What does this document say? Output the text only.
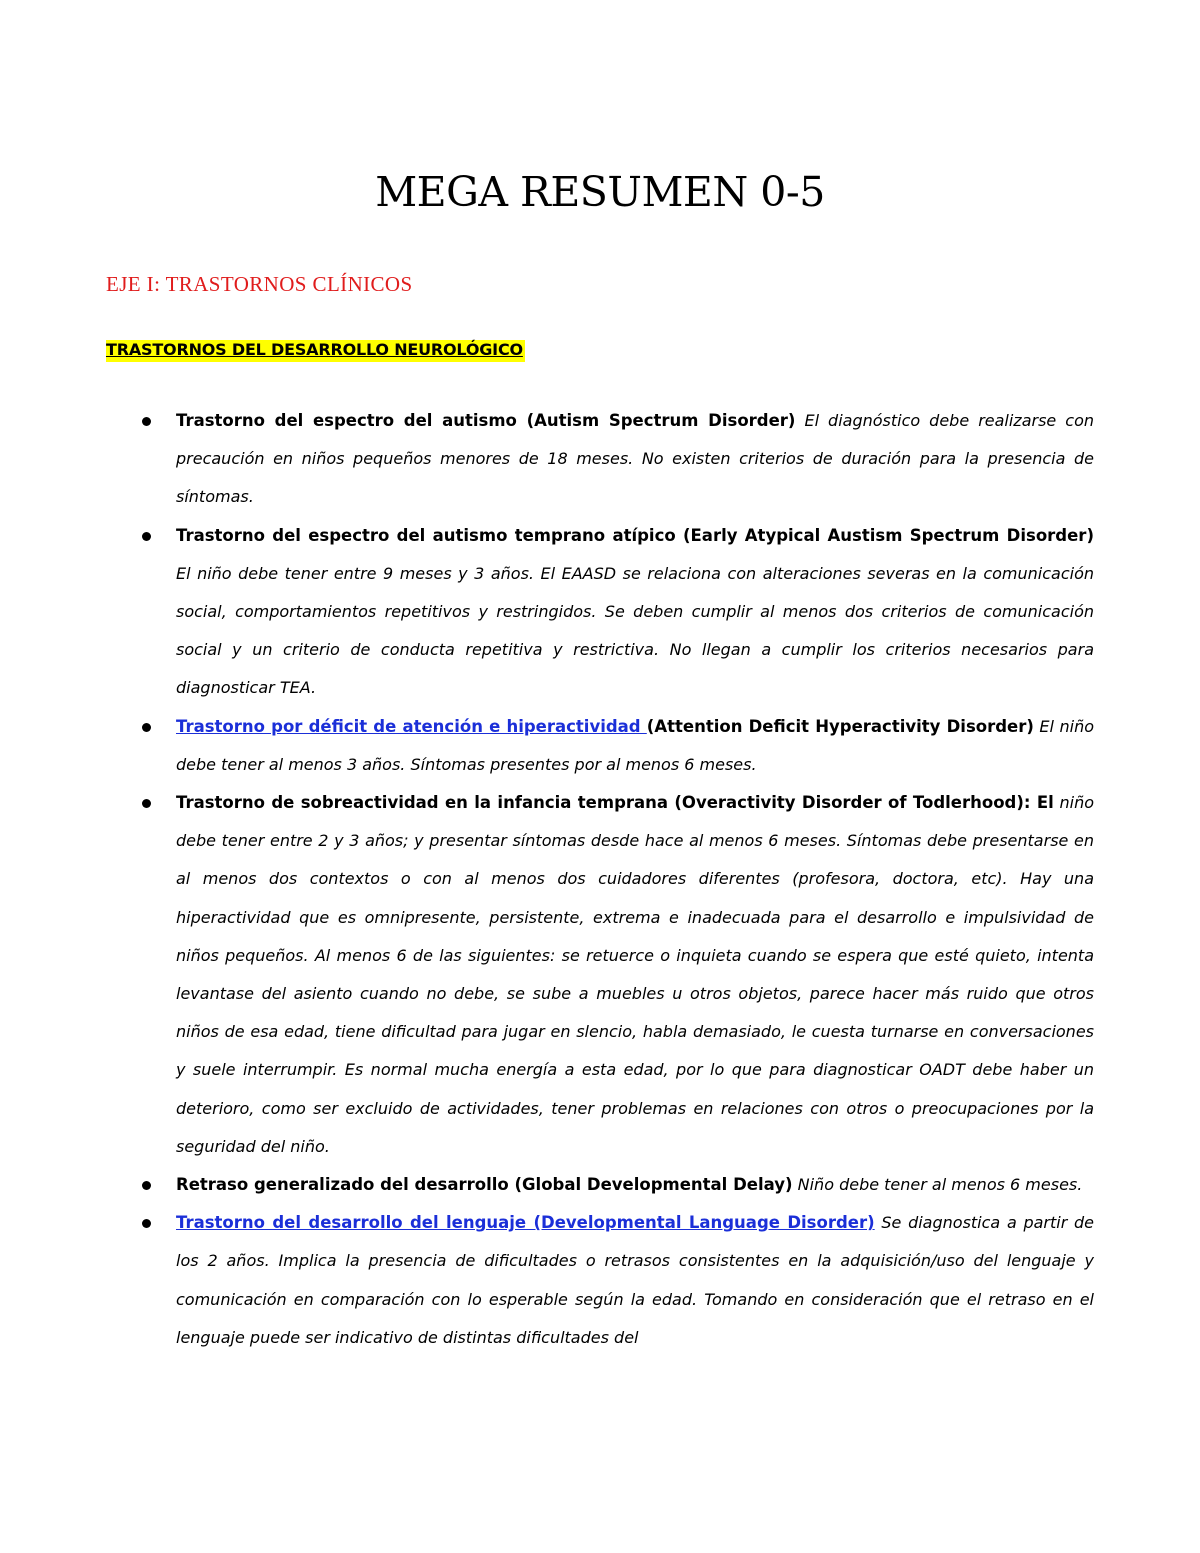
MEGA RESUMEN 0-5
EJE I: TRASTORNOS CLÍNICOS
TRASTORNOS DEL DESARROLLO NEUROLÓGICO
Trastorno del espectro del autismo (Autism Spectrum Disorder) El diagnóstico debe realizarse con precaución en niños pequeños menores de 18 meses. No existen criterios de duración para la presencia de síntomas.
Trastorno del espectro del autismo temprano atípico (Early Atypical Austism Spectrum Disorder) El niño debe tener entre 9 meses y 3 años. El EAASD se relaciona con alteraciones severas en la comunicación social, comportamientos repetitivos y restringidos. Se deben cumplir al menos dos criterios de comunicación social y un criterio de conducta repetitiva y restrictiva. No llegan a cumplir los criterios necesarios para diagnosticar TEA.
Trastorno por déficit de atención e hiperactividad (Attention Deficit Hyperactivity Disorder) El niño debe tener al menos 3 años. Síntomas presentes por al menos 6 meses.
Trastorno de sobreactividad en la infancia temprana (Overactivity Disorder of Todlerhood): El niño debe tener entre 2 y 3 años; y presentar síntomas desde hace al menos 6 meses. Síntomas debe presentarse en al menos dos contextos o con al menos dos cuidadores diferentes (profesora, doctora, etc). Hay una hiperactividad que es omnipresente, persistente, extrema e inadecuada para el desarrollo e impulsividad de niños pequeños. Al menos 6 de las siguientes: se retuerce o inquieta cuando se espera que esté quieto, intenta levantase del asiento cuando no debe, se sube a muebles u otros objetos, parece hacer más ruido que otros niños de esa edad, tiene dificultad para jugar en slencio, habla demasiado, le cuesta turnarse en conversaciones y suele interrumpir. Es normal mucha energía a esta edad, por lo que para diagnosticar OADT debe haber un deterioro, como ser excluido de actividades, tener problemas en relaciones con otros o preocupaciones por la seguridad del niño.
Retraso generalizado del desarrollo (Global Developmental Delay) Niño debe tener al menos 6 meses.
Trastorno del desarrollo del lenguaje (Developmental Language Disorder) Se diagnostica a partir de los 2 años. Implica la presencia de dificultades o retrasos consistentes en la adquisición/uso del lenguaje y comunicación en comparación con lo esperable según la edad. Tomando en consideración que el retraso en el lenguaje puede ser indicativo de distintas dificultades del
